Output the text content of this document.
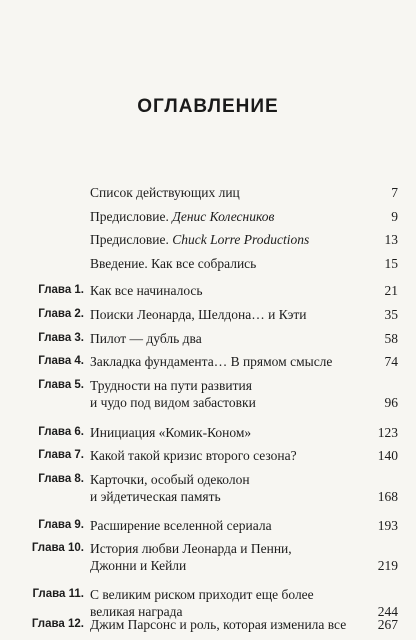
ОГЛАВЛЕНИЕ
Список действующих лиц	7
Предисловие. Денис Колесников	9
Предисловие. Chuck Lorre Productions	13
Введение. Как все собрались	15
Глава 1. Как все начиналось	21
Глава 2. Поиски Леонарда, Шелдона… и Кэти	35
Глава 3. Пилот — дубль два	58
Глава 4. Закладка фундамента… В прямом смысле	74
Глава 5. Трудности на пути развития
и чудо под видом забастовки	96
Глава 6. Инициация «Комик-Коном»	123
Глава 7. Какой такой кризис второго сезона?	140
Глава 8. Карточки, особый одеколон
и эйдетическая память	168
Глава 9. Расширение вселенной сериала	193
Глава 10. История любви Леонарда и Пенни,
Джонни и Кейли	219
Глава 11. С великим риском приходит еще более
великая награда	244
Глава 12. Джим Парсонс и роль, которая изменила все 267
